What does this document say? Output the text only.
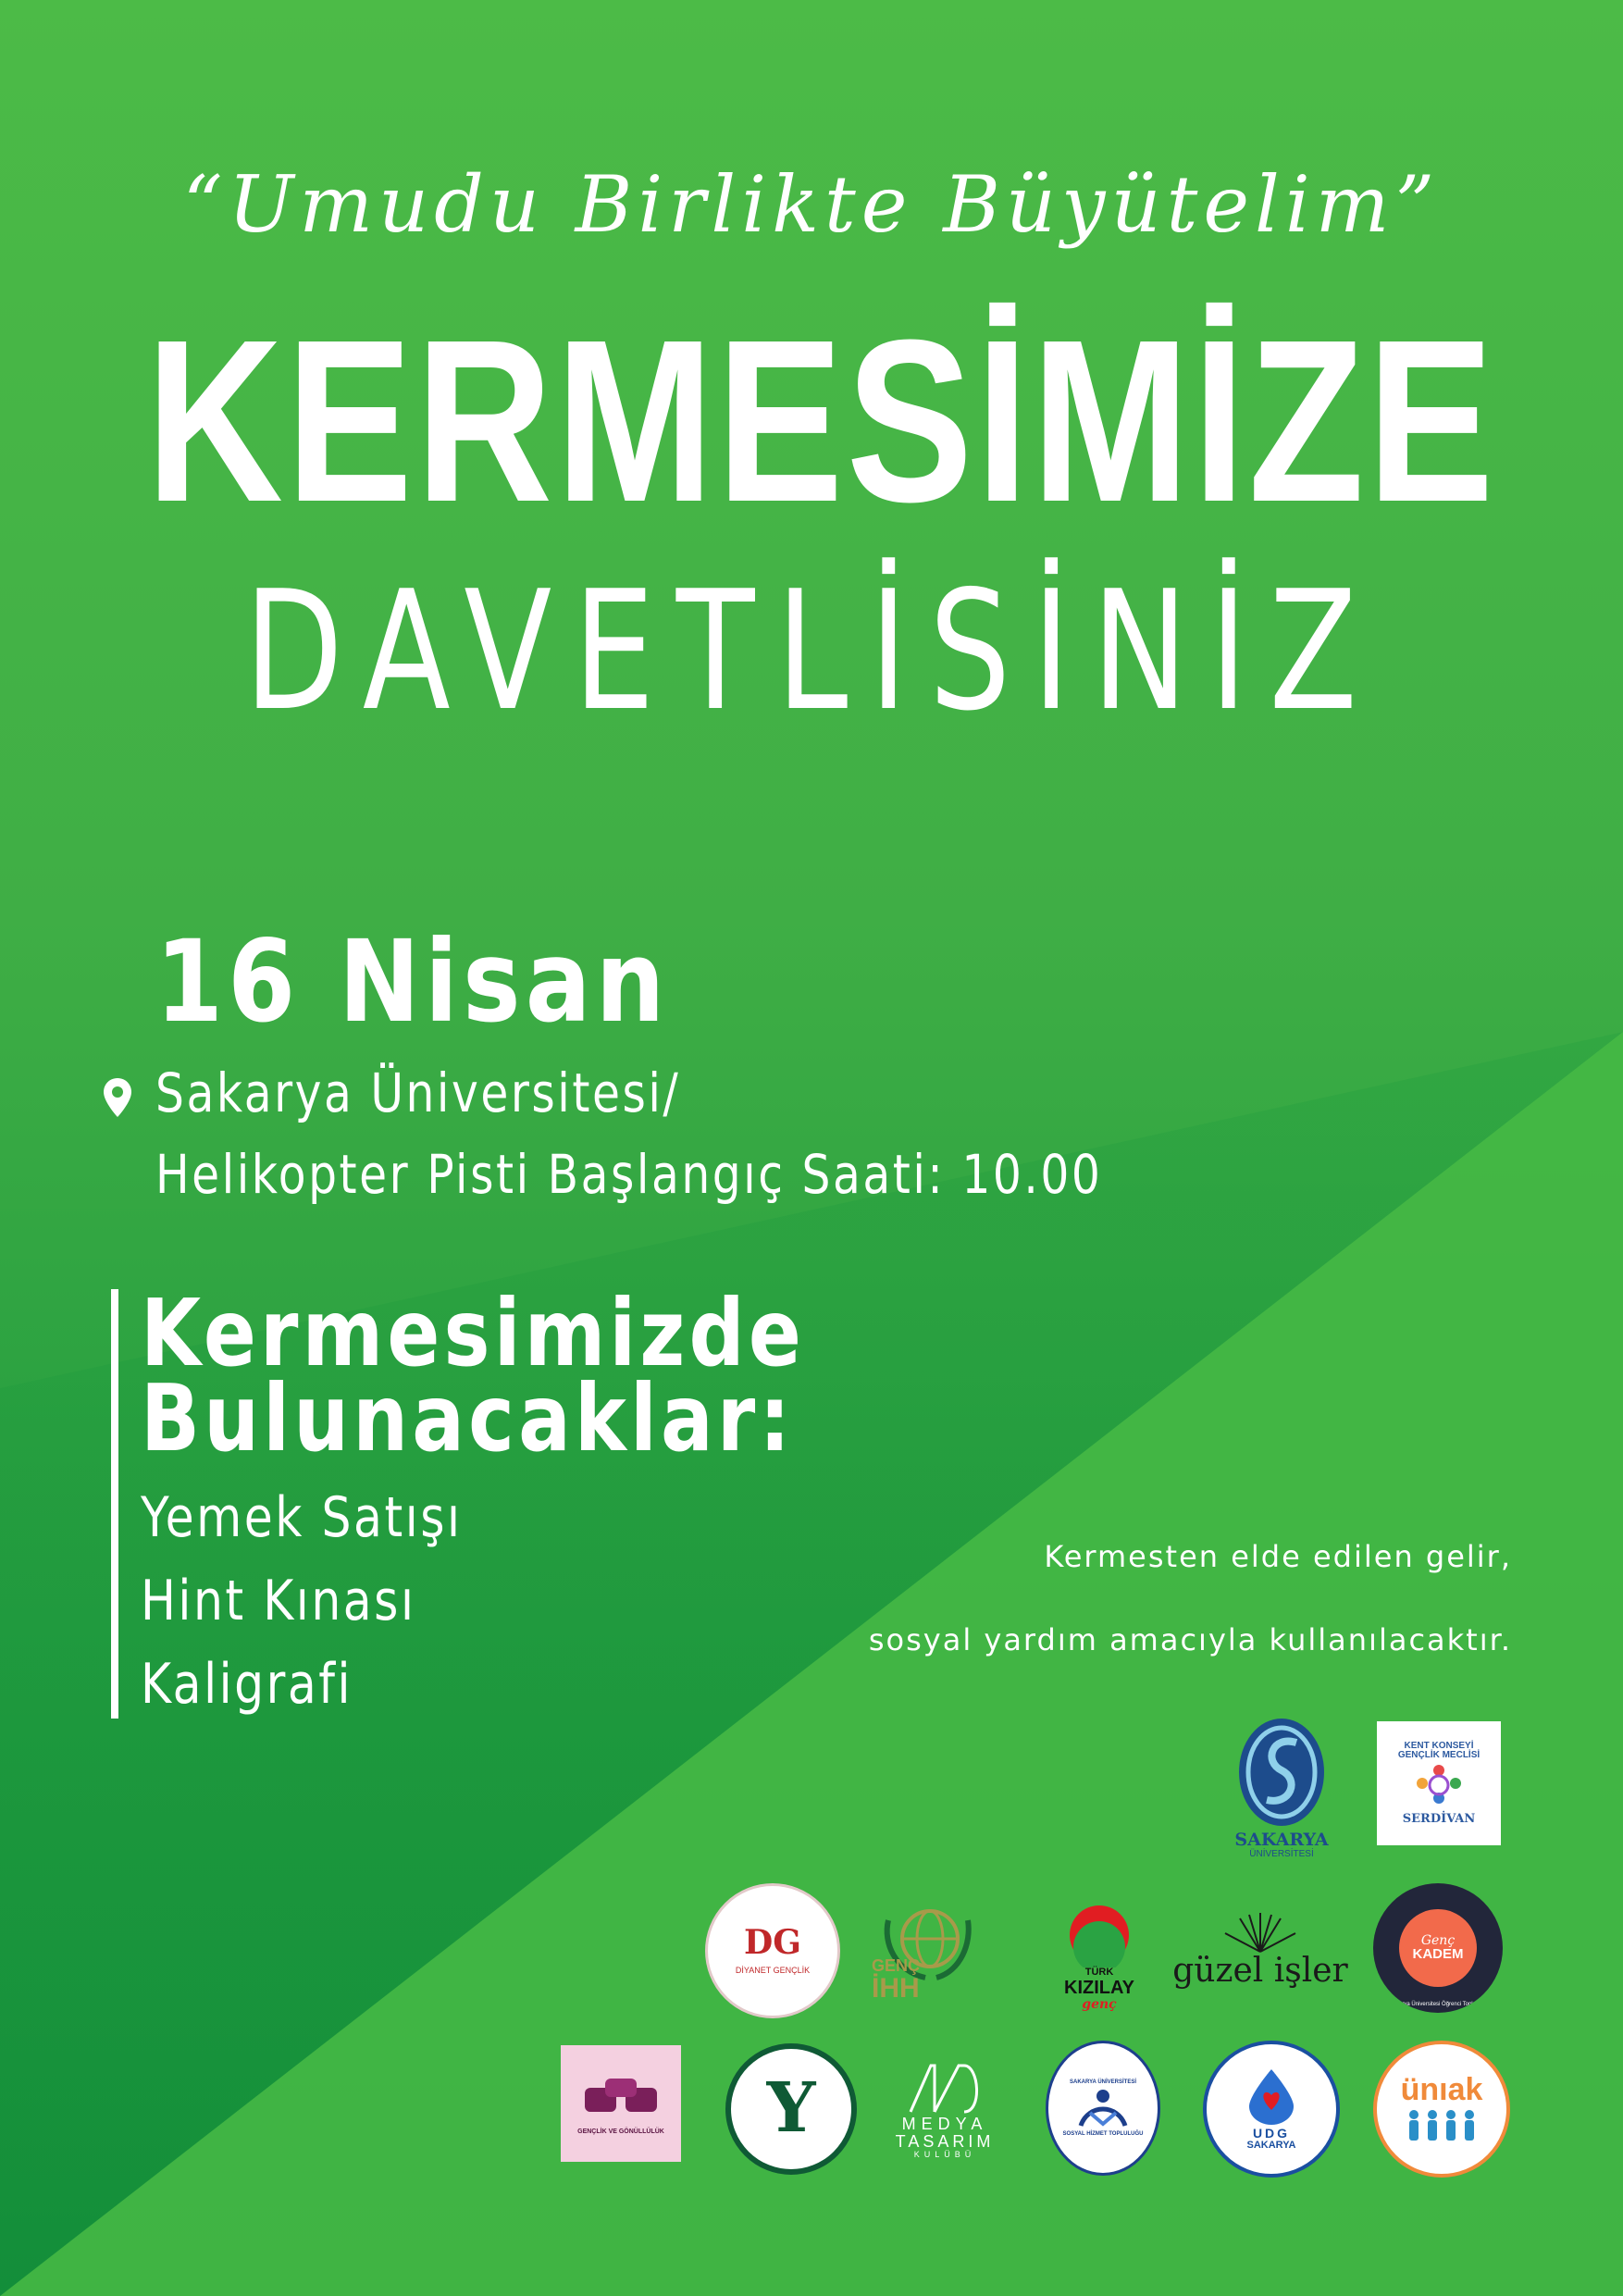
“Umudu Birlikte Büyütelim”
KERMESİMİZE
DAVETLİSİNİZ
16 Nisan
Sakarya Üniversitesi/
Helikopter Pisti Başlangıç Saati: 10.00
Kermesimizde
Bulunacaklar:
Yemek Satışı
Hint Kınası
Kaligrafi
Kermesten elde edilen gelir,
sosyal yardım amacıyla kullanılacaktır.
SAKARYA
ÜNİVERSİTESİ
KENT KONSEYİ GENÇLİK MECLİSİ
SERDİVAN
DG
DİYANET GENÇLİK	GENÇ
İHH
TÜRK
KIZILAY
genç
güzel işler
Genç
KADEM
Sakarya Üniversitesi Öğrenci Topluluğu
GENÇLİK VE GÖNÜLLÜLÜK Y	MEDYA
TASARIM
KULÜBÜ
SAKARYA ÜNİVERSİTESİ
SOSYAL HİZMET TOPLULUĞU	UDG
SAKARYA
ünıak
